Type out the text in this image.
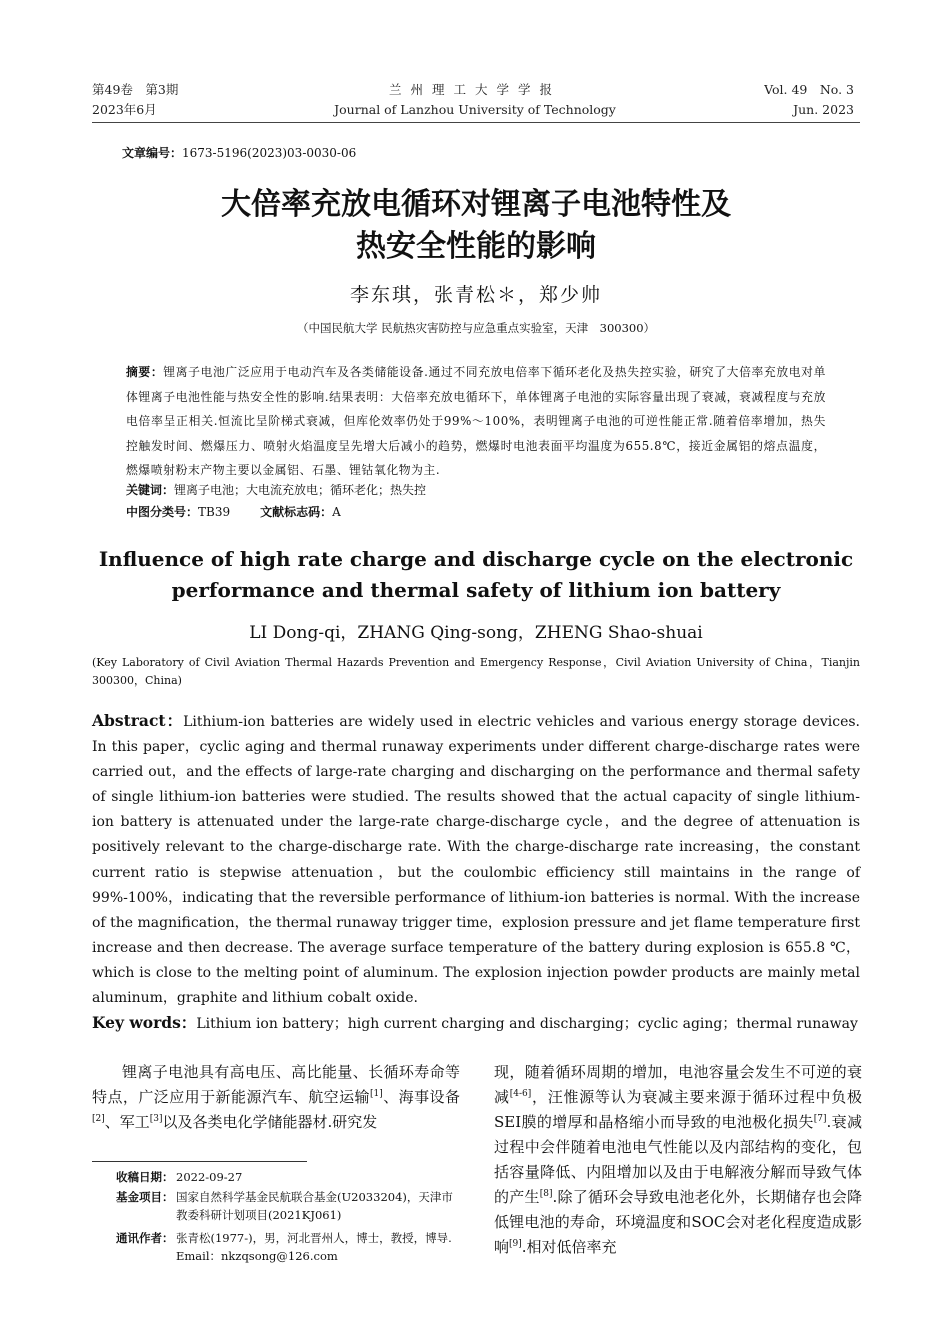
第49卷　第3期
2023年6月
兰州理工大学学报
Journal of Lanzhou University of Technology
Vol. 49　No. 3
Jun. 2023
文章编号：1673-5196(2023)03-0030-06
大倍率充放电循环对锂离子电池特性及
热安全性能的影响
李东琪，张青松＊，郑少帅
（中国民航大学 民航热灾害防控与应急重点实验室，天津　300300）
摘要：锂离子电池广泛应用于电动汽车及各类储能设备.通过不同充放电倍率下循环老化及热失控实验，研究了大倍率充放电对单体锂离子电池性能与热安全性的影响.结果表明：大倍率充放电循环下，单体锂离子电池的实际容量出现了衰减，衰减程度与充放电倍率呈正相关.恒流比呈阶梯式衰减，但库伦效率仍处于99%～100%，表明锂离子电池的可逆性能正常.随着倍率增加，热失控触发时间、燃爆压力、喷射火焰温度呈先增大后减小的趋势，燃爆时电池表面平均温度为655.8℃，接近金属铝的熔点温度，燃爆喷射粉末产物主要以金属铝、石墨、锂钴氧化物为主.
关键词：锂离子电池；大电流充放电；循环老化；热失控
中图分类号：TB39	文献标志码：A
Influence of high rate charge and discharge cycle on the electronic
performance and thermal safety of lithium ion battery
LI Dong-qi，ZHANG Qing-song，ZHENG Shao-shuai
(Key Laboratory of Civil Aviation Thermal Hazards Prevention and Emergency Response，Civil Aviation University of China，Tianjin 300300，China)
Abstract：Lithium-ion batteries are widely used in electric vehicles and various energy storage devices. In this paper，cyclic aging and thermal runaway experiments under different charge-discharge rates were carried out，and the effects of large-rate charging and discharging on the performance and thermal safety of single lithium-ion batteries were studied. The results showed that the actual capacity of single lithium-ion battery is attenuated under the large-rate charge-discharge cycle，and the degree of attenuation is positively relevant to the charge-discharge rate. With the charge-discharge rate increasing，the constant current ratio is stepwise attenuation，but the coulombic efficiency still maintains in the range of 99%-100%，indicating that the reversible performance of lithium-ion batteries is normal. With the increase of the magnification，the thermal runaway trigger time，explosion pressure and jet flame temperature first increase and then decrease. The average surface temperature of the battery during explosion is 655.8 ℃，which is close to the melting point of aluminum. The explosion injection powder products are mainly metal aluminum，graphite and lithium cobalt oxide.
Key words：Lithium ion battery；high current charging and discharging；cyclic aging；thermal runaway
锂离子电池具有高电压、高比能量、长循环寿命等特点，广泛应用于新能源汽车、航空运输[1]、海事设备[2]、军工[3]以及各类电化学储能器材.研究发
现，随着循环周期的增加，电池容量会发生不可逆的衰减[4-6]，汪惟源等认为衰减主要来源于循环过程中负极SEI膜的增厚和晶格缩小而导致的电池极化损失[7].衰减过程中会伴随着电池电气性能以及内部结构的变化，包括容量降低、内阻增加以及由于电解液分解而导致气体的产生[8].除了循环会导致电池老化外，长期储存也会降低锂电池的寿命，环境温度和SOC会对老化程度造成影响[9].相对低倍率充
收稿日期： 2022-09-27
基金项目： 国家自然科学基金民航联合基金(U2033204)，天津市教委科研计划项目(2021KJ061)
通讯作者： 张青松(1977-)，男，河北晋州人，博士，教授，博导.
Email：nkzqsong@126.com
